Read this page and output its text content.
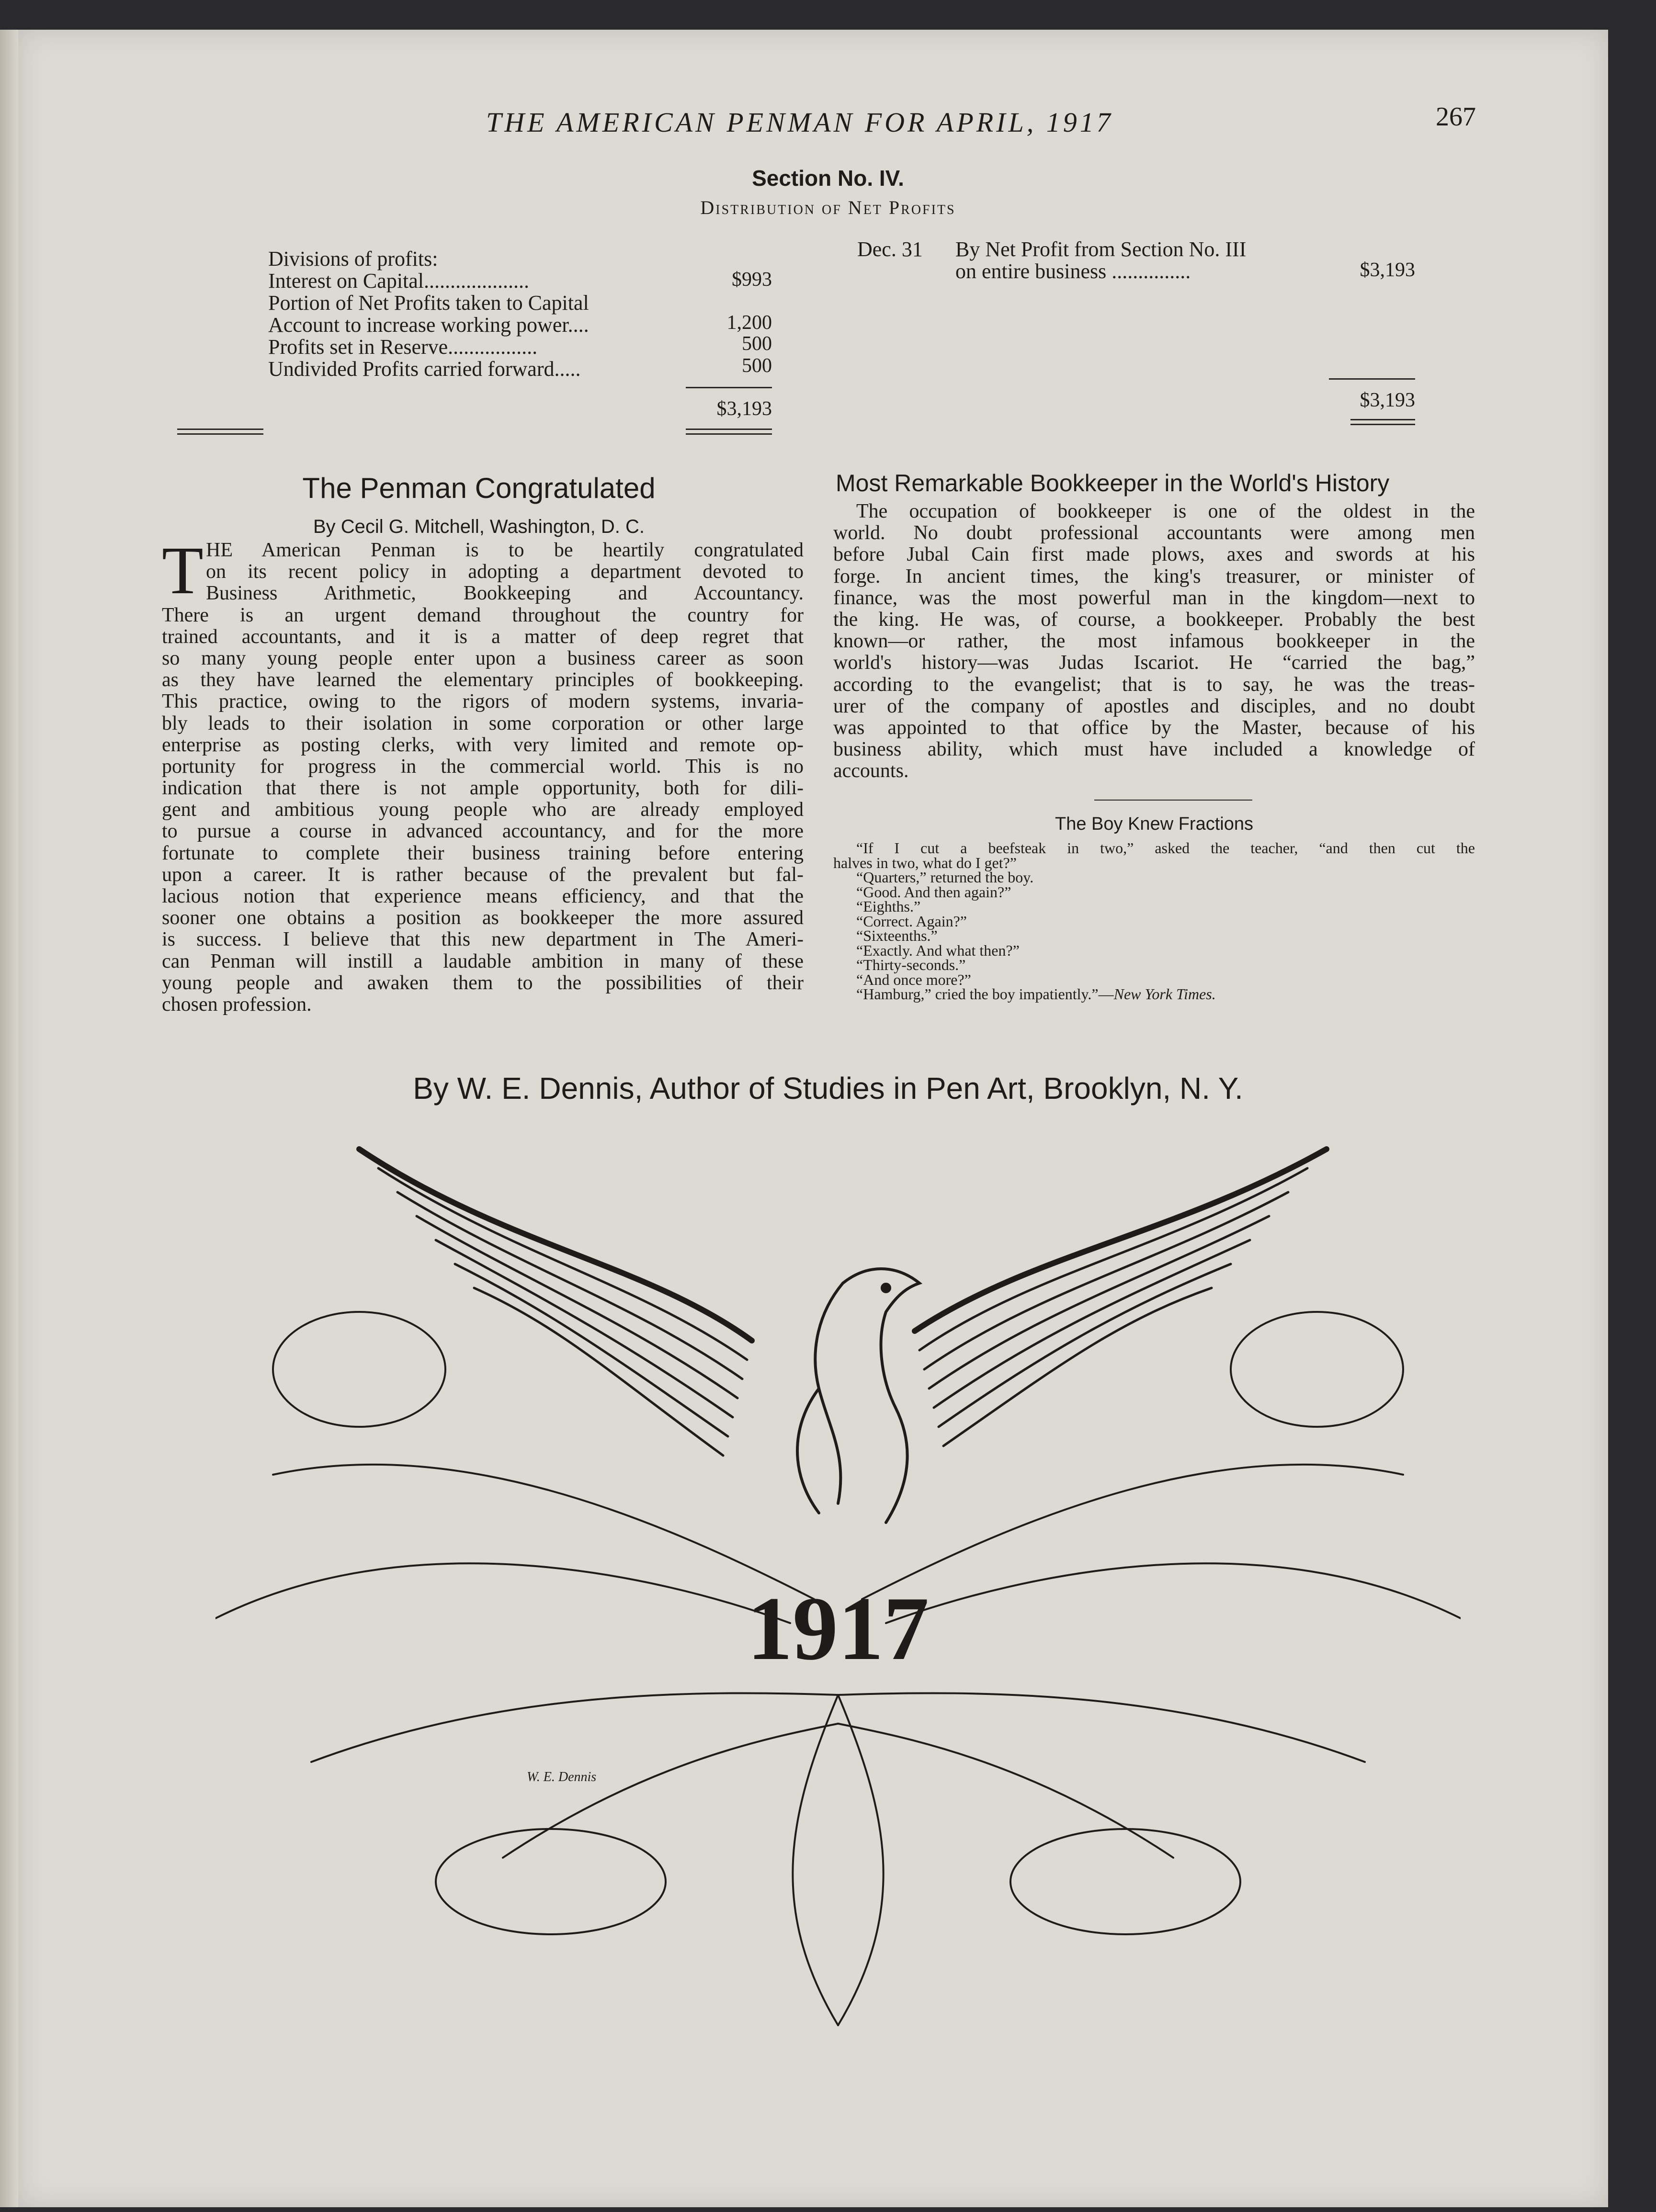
THE AMERICAN PENMAN FOR APRIL, 1917	267
Section No. IV.
Distribution of Net Profits
Divisions of profits:
Interest on Capital....................
Portion of Net Profits taken to Capital
Account to increase working power....
Profits set in Reserve.................
Undivided Profits carried forward.....
$993
1,200
500
500
$3,193
Dec. 31 By Net Profit from Section No. III
on entire business ...............	$3,193
$3,193
The Penman Congratulated
By Cecil G. Mitchell, Washington, D. C.
T HE American Penman is to be heartily congratulated
on its recent policy in adopting a department devoted to
Business Arithmetic, Bookkeeping and Accountancy.
There is an urgent demand throughout the country for
trained accountants, and it is a matter of deep regret that
so many young people enter upon a business career as soon
as they have learned the elementary principles of bookkeeping.
This practice, owing to the rigors of modern systems, invaria-
bly leads to their isolation in some corporation or other large
enterprise as posting clerks, with very limited and remote op-
portunity for progress in the commercial world. This is no
indication that there is not ample opportunity, both for dili-
gent and ambitious young people who are already employed
to pursue a course in advanced accountancy, and for the more
fortunate to complete their business training before entering
upon a career. It is rather because of the prevalent but fal-
lacious notion that experience means efficiency, and that the
sooner one obtains a position as bookkeeper the more assured
is success. I believe that this new department in The Ameri-
can Penman will instill a laudable ambition in many of these
young people and awaken them to the possibilities of their
chosen profession.
Most Remarkable Bookkeeper in the World's History
The occupation of bookkeeper is one of the oldest in the
world. No doubt professional accountants were among men
before Jubal Cain first made plows, axes and swords at his
forge. In ancient times, the king's treasurer, or minister of
finance, was the most powerful man in the kingdom—next to
the king. He was, of course, a bookkeeper. Probably the best
known—or rather, the most infamous bookkeeper in the
world's history—was Judas Iscariot. He “carried the bag,”
according to the evangelist; that is to say, he was the treas-
urer of the company of apostles and disciples, and no doubt
was appointed to that office by the Master, because of his
business ability, which must have included a knowledge of
accounts.
The Boy Knew Fractions
“If I cut a beefsteak in two,” asked the teacher, “and then cut the
halves in two, what do I get?”
“Quarters,” returned the boy.
“Good. And then again?”
“Eighths.”
“Correct. Again?”
“Sixteenths.”
“Exactly. And what then?”
“Thirty-seconds.”
“And once more?”
“Hamburg,” cried the boy impatiently.”—New York Times.
By W. E. Dennis, Author of Studies in Pen Art, Brooklyn, N. Y.
1917
W. E. Dennis
